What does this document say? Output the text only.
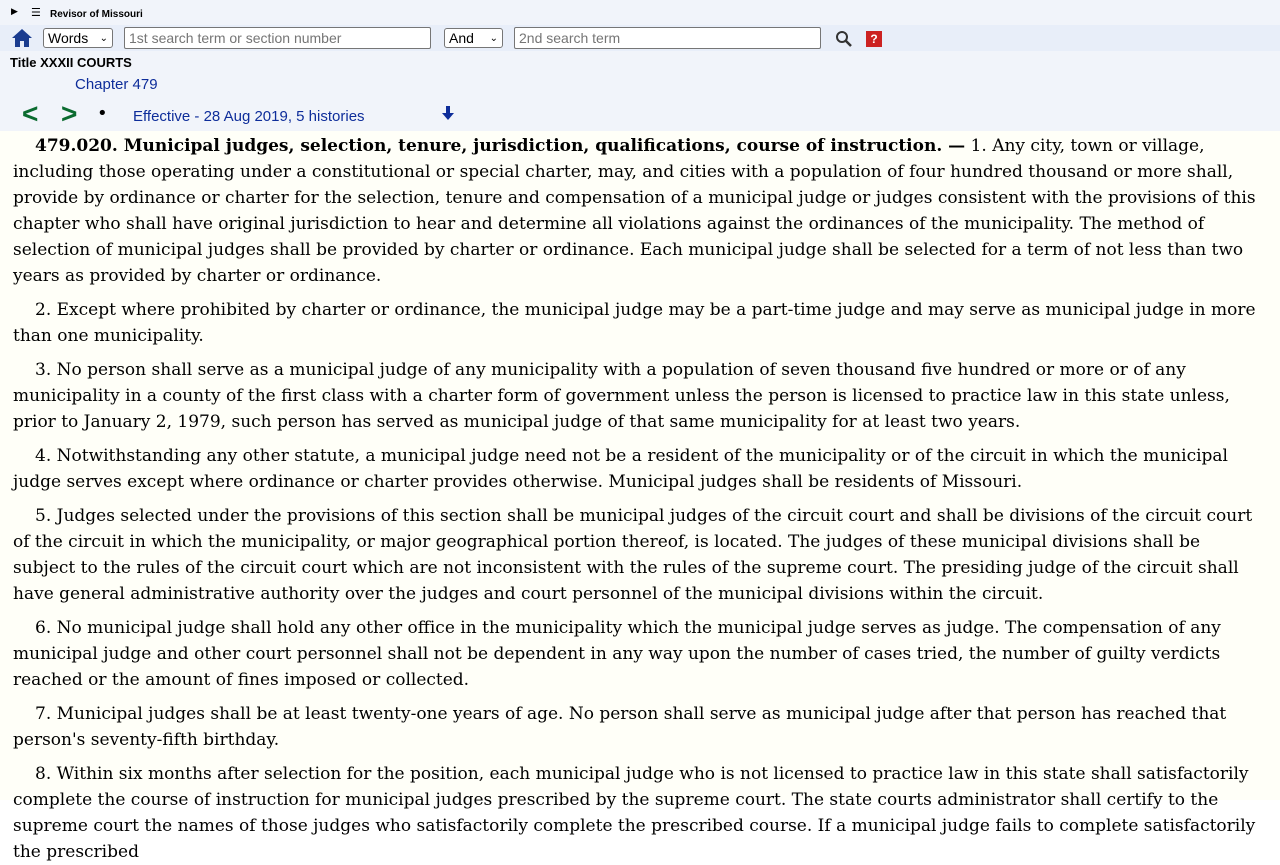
▶ ☰ Revisor of Missouri
Words ⌄
1st search term or section number	And ⌄
2nd search term	?
Title XXXII COURTS
Chapter 479
< > • Effective - 28 Aug 2019, 5 histories

479.020. Municipal judges, selection, tenure, jurisdiction, qualifications, course of instruction. — 1. Any city, town or village, including those operating under a constitutional or special charter, may, and cities with a population of four hundred thousand or more shall, provide by ordinance or charter for the selection, tenure and compensation of a municipal judge or judges consistent with the provisions of this chapter who shall have original jurisdiction to hear and determine all violations against the ordinances of the municipality. The method of selection of municipal judges shall be provided by charter or ordinance. Each municipal judge shall be selected for a term of not less than two years as provided by charter or ordinance.

2. Except where prohibited by charter or ordinance, the municipal judge may be a part-time judge and may serve as municipal judge in more than one municipality.

3. No person shall serve as a municipal judge of any municipality with a population of seven thousand five hundred or more or of any municipality in a county of the first class with a charter form of government unless the person is licensed to practice law in this state unless, prior to January 2, 1979, such person has served as municipal judge of that same municipality for at least two years.

4. Notwithstanding any other statute, a municipal judge need not be a resident of the municipality or of the circuit in which the municipal judge serves except where ordinance or charter provides otherwise. Municipal judges shall be residents of Missouri.

5. Judges selected under the provisions of this section shall be municipal judges of the circuit court and shall be divisions of the circuit court of the circuit in which the municipality, or major geographical portion thereof, is located. The judges of these municipal divisions shall be subject to the rules of the circuit court which are not inconsistent with the rules of the supreme court. The presiding judge of the circuit shall have general administrative authority over the judges and court personnel of the municipal divisions within the circuit.

6. No municipal judge shall hold any other office in the municipality which the municipal judge serves as judge. The compensation of any municipal judge and other court personnel shall not be dependent in any way upon the number of cases tried, the number of guilty verdicts reached or the amount of fines imposed or collected.

7. Municipal judges shall be at least twenty-one years of age. No person shall serve as municipal judge after that person has reached that person's seventy-fifth birthday.

8. Within six months after selection for the position, each municipal judge who is not licensed to practice law in this state shall satisfactorily complete the course of instruction for municipal judges prescribed by the supreme court. The state courts administrator shall certify to the supreme court the names of those judges who satisfactorily complete the prescribed course. If a municipal judge fails to complete satisfactorily the prescribed
